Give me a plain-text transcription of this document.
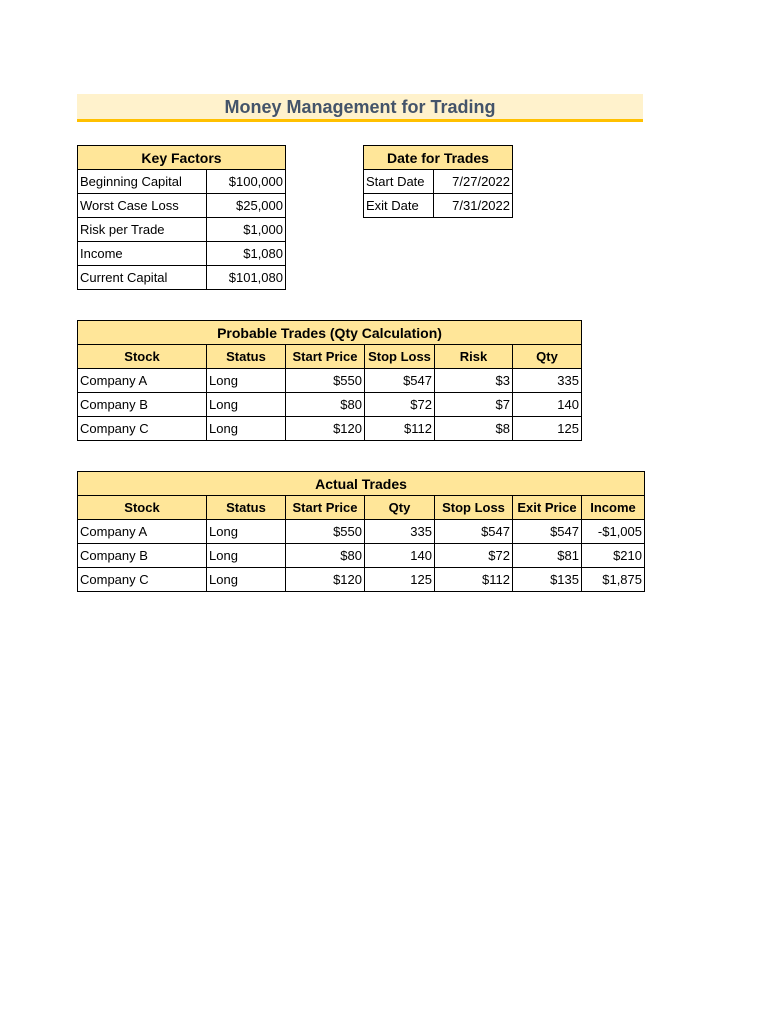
Money Management for Trading
Key Factors	
Beginning Capital	$100,000
Worst Case Loss	$25,000
Risk per Trade	$1,000
Income	$1,080
Current Capital	$101,080
Date for Trades	
Start Date	7/27/2022
Exit Date	7/31/2022
Probable Trades (Qty Calculation)					
Stock	Status	Start Price	Stop Loss	Risk	Qty
Company A	Long	$550	$547	$3	335
Company B	Long	$80	$72	$7	140
Company C	Long	$120	$112	$8	125
Actual Trades						
Stock	Status	Start Price	Qty	Stop Loss	Exit Price	Income
Company A	Long	$550	335	$547	$547	-$1,005
Company B	Long	$80	140	$72	$81	$210
Company C	Long	$120	125	$112	$135	$1,875
